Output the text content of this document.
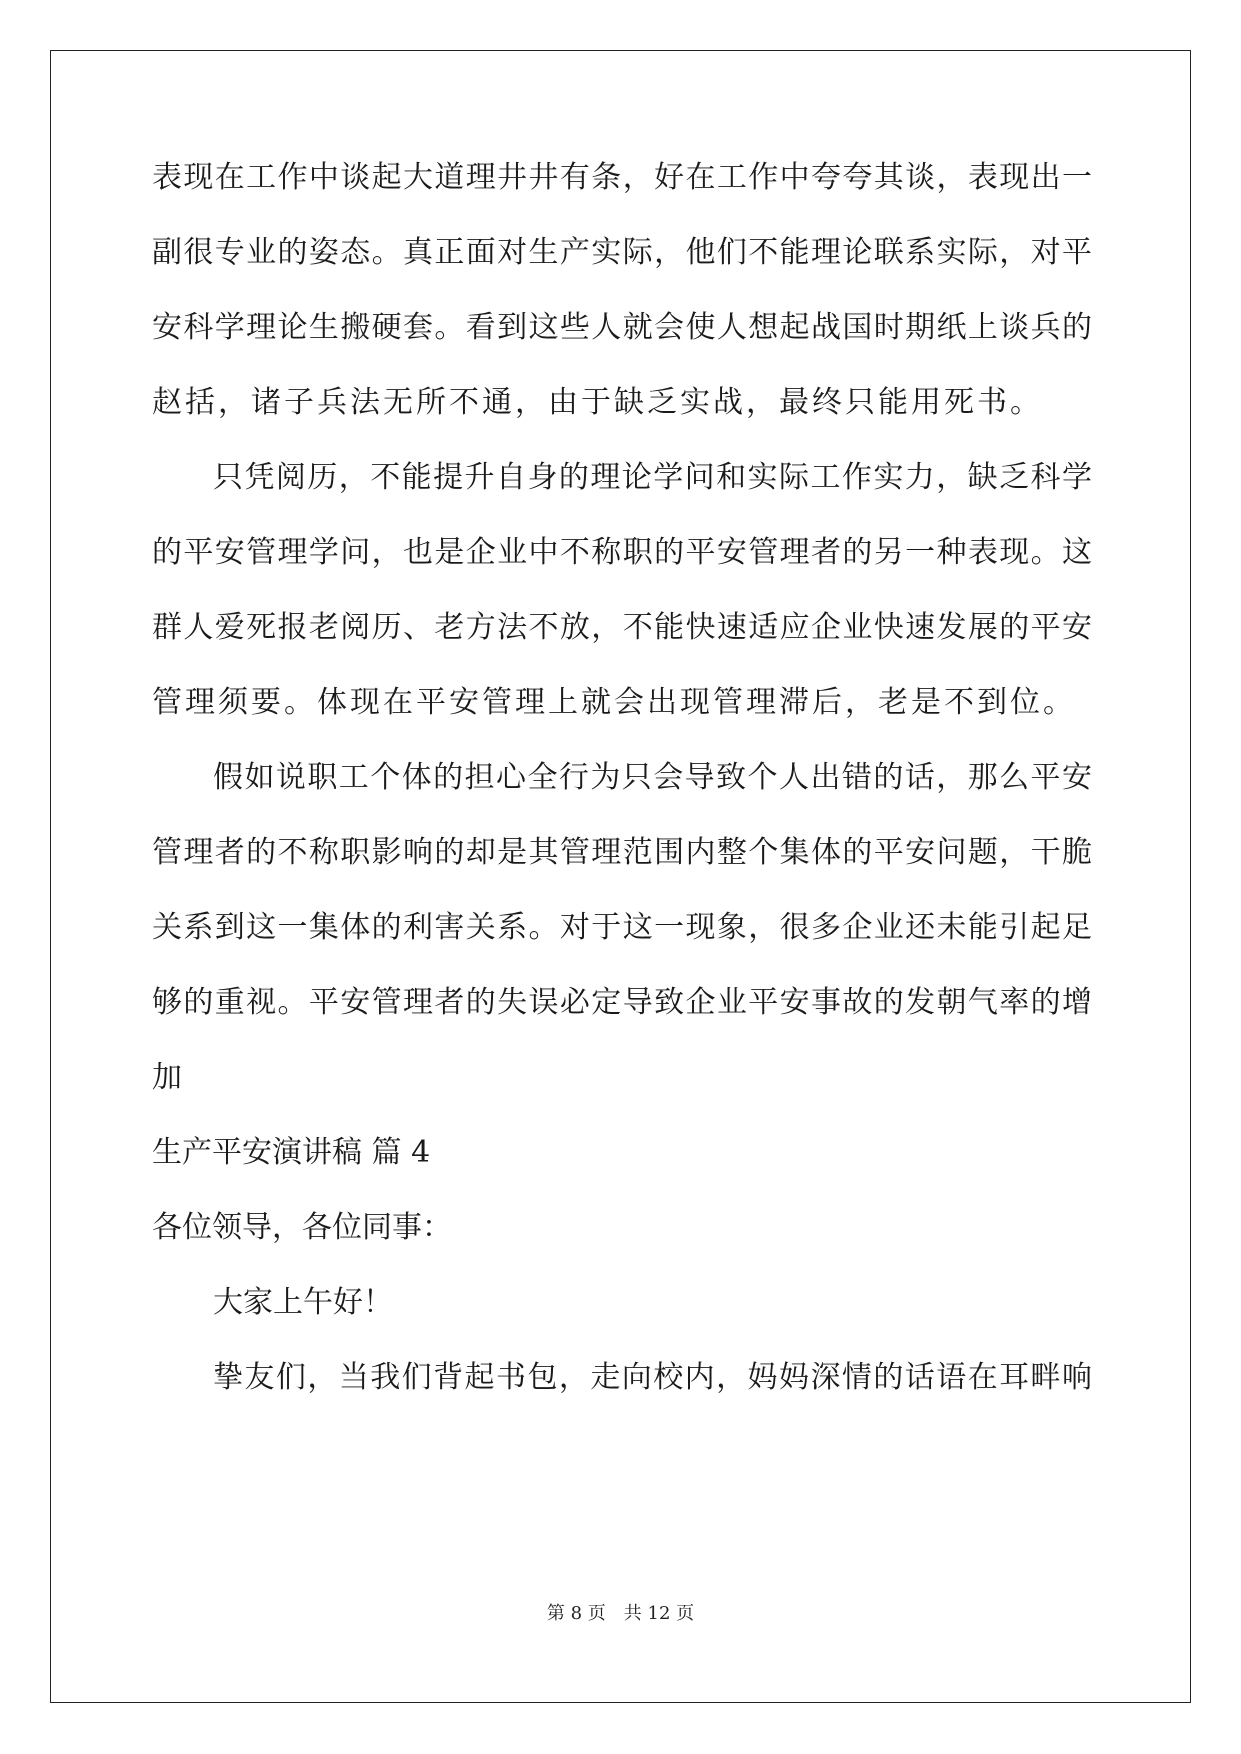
表现在工作中谈起大道理井井有条，好在工作中夸夸其谈，表现出一
副很专业的姿态。真正面对生产实际，他们不能理论联系实际，对平
安科学理论生搬硬套。看到这些人就会使人想起战国时期纸上谈兵的
赵括，诸子兵法无所不通，由于缺乏实战，最终只能用死书。
只凭阅历，不能提升自身的理论学问和实际工作实力，缺乏科学
的平安管理学问，也是企业中不称职的平安管理者的另一种表现。这
群人爱死报老阅历、老方法不放，不能快速适应企业快速发展的平安
管理须要。体现在平安管理上就会出现管理滞后，老是不到位。
假如说职工个体的担心全行为只会导致个人出错的话，那么平安
管理者的不称职影响的却是其管理范围内整个集体的平安问题，干脆
关系到这一集体的利害关系。对于这一现象，很多企业还未能引起足
够的重视。平安管理者的失误必定导致企业平安事故的发朝气率的增
加
生产平安演讲稿 篇 4
各位领导，各位同事：
大家上午好！
挚友们，当我们背起书包，走向校内，妈妈深情的话语在耳畔响
第 8 页 共 12 页
